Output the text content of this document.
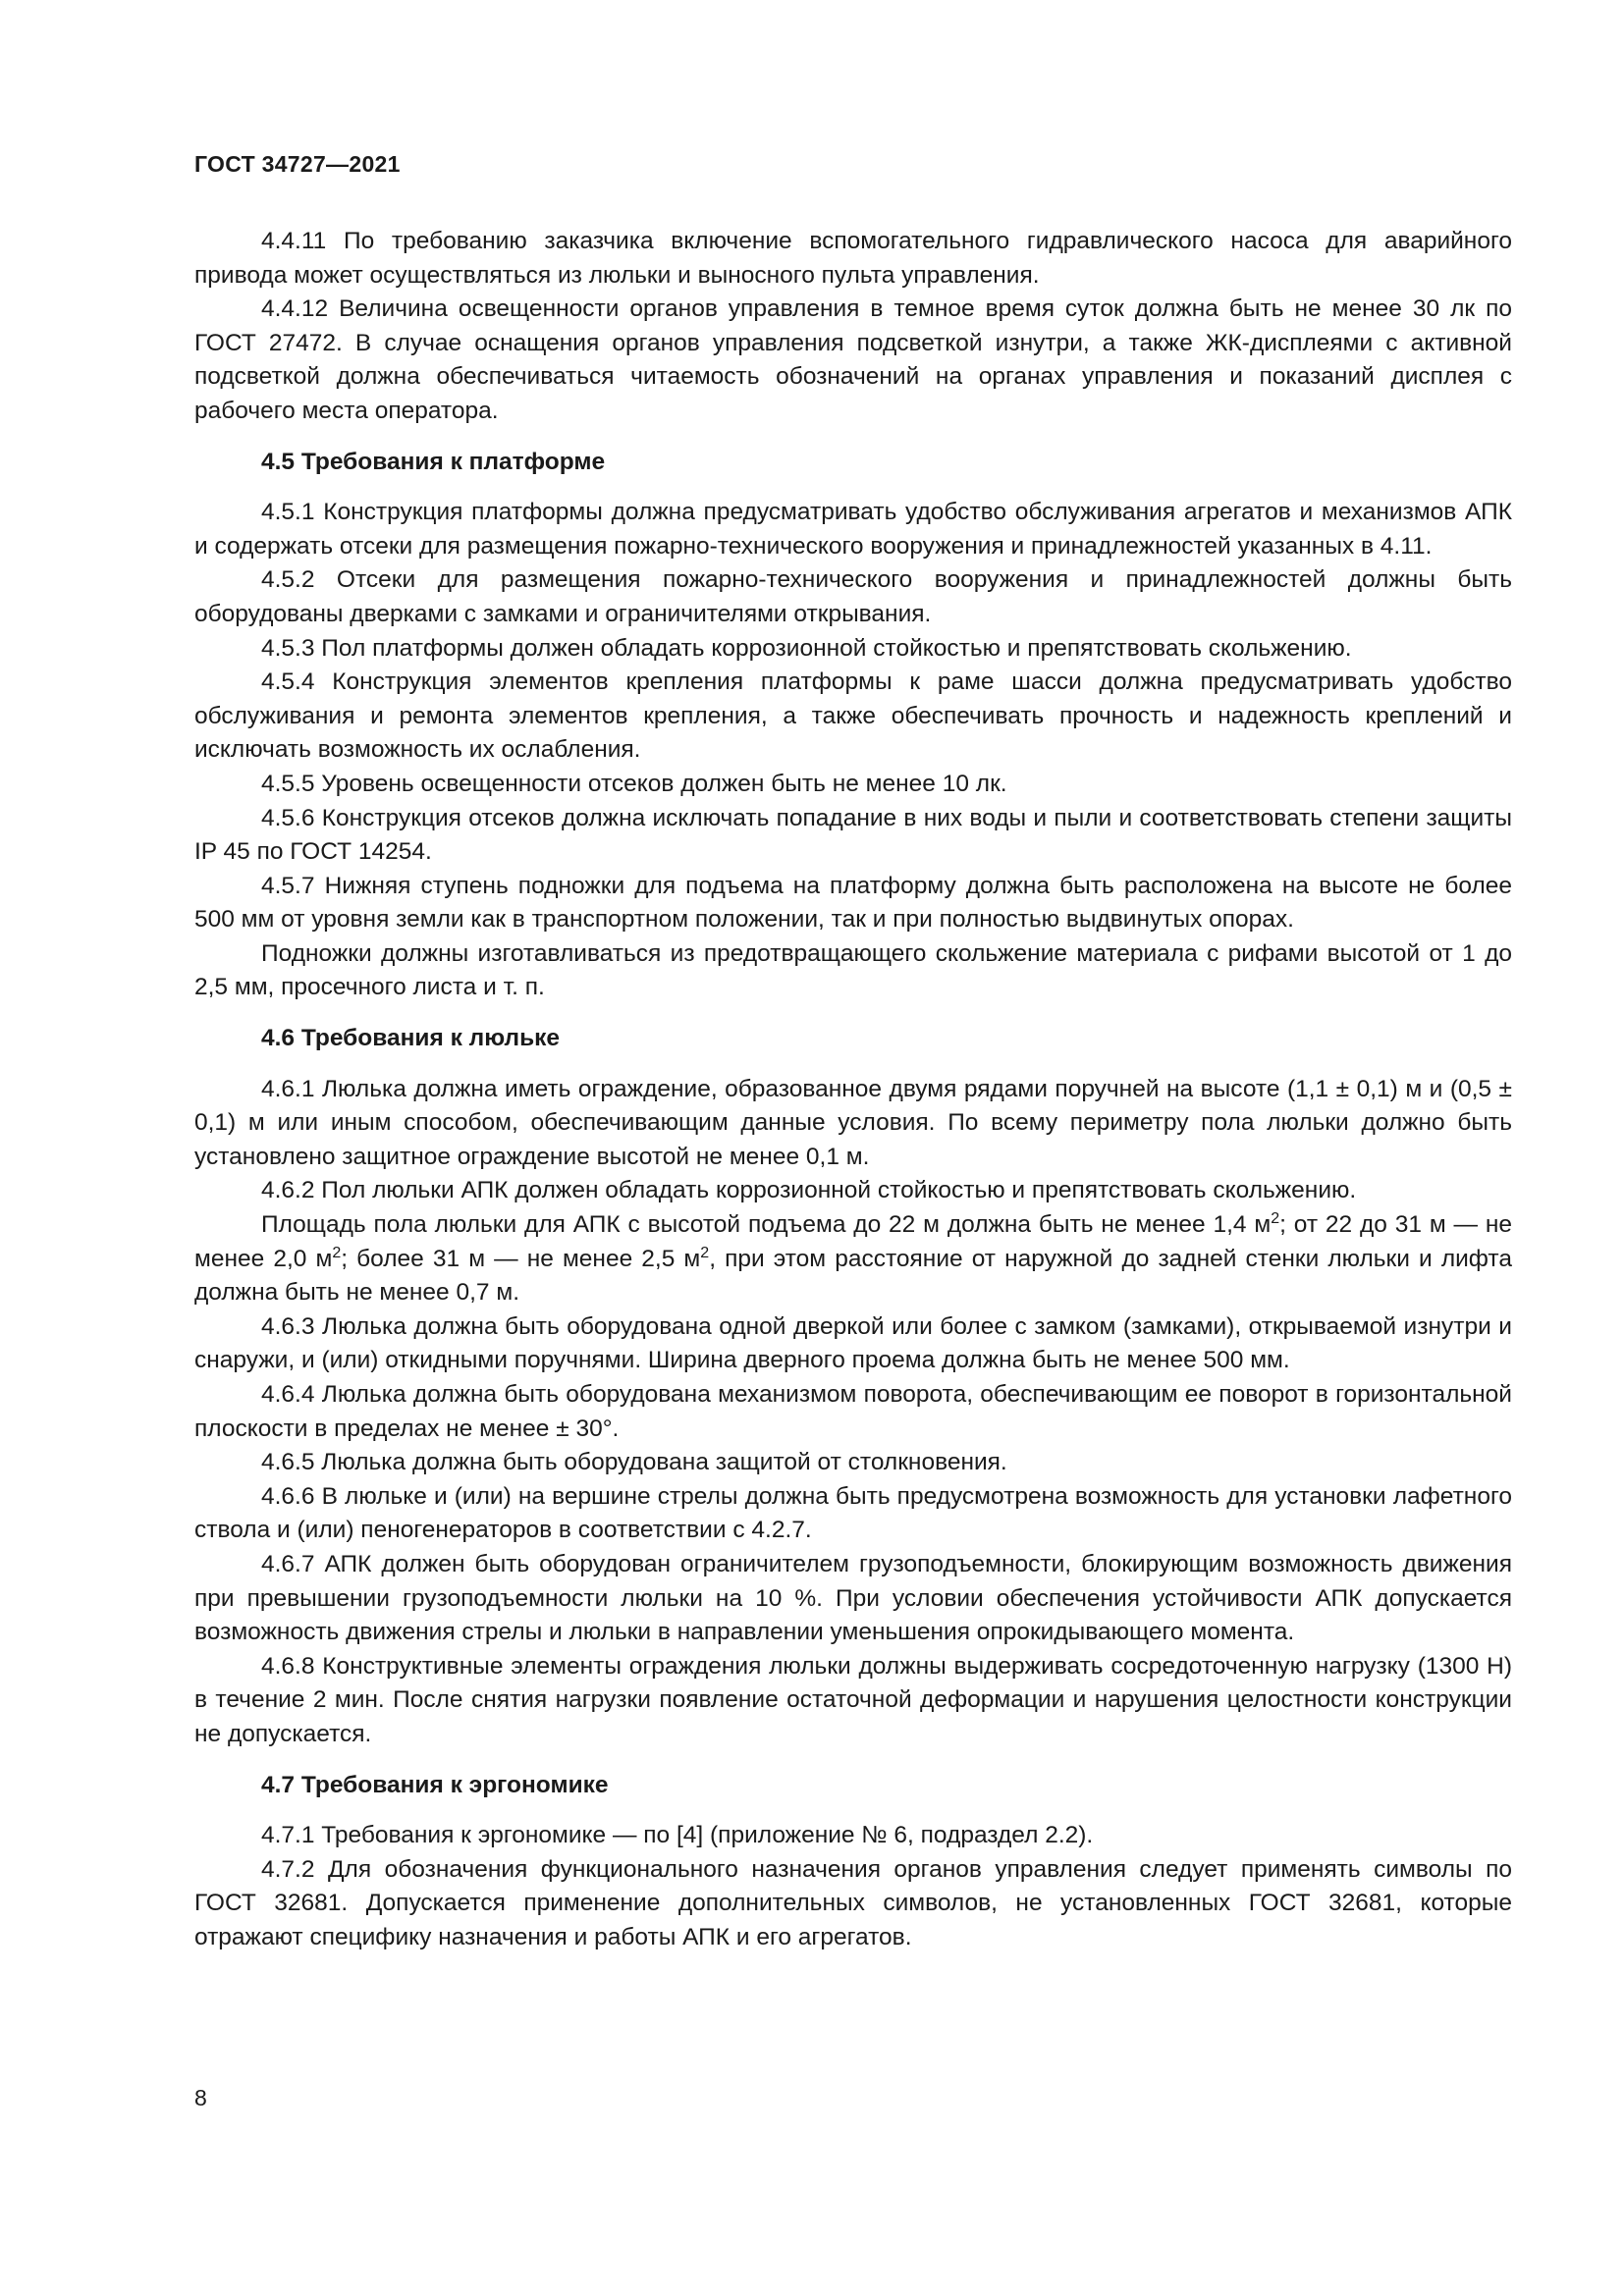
ГОСТ 34727—2021

4.4.11 По требованию заказчика включение вспомогательного гидравлического насоса для аварийного привода может осуществляться из люльки и выносного пульта управления.

4.4.12 Величина освещенности органов управления в темное время суток должна быть не менее 30 лк по ГОСТ 27472. В случае оснащения органов управления подсветкой изнутри, а также ЖК-дисплеями с активной подсветкой должна обеспечиваться читаемость обозначений на органах управления и показаний дисплея с рабочего места оператора.

4.5 Требования к платформе

4.5.1 Конструкция платформы должна предусматривать удобство обслуживания агрегатов и механизмов АПК и содержать отсеки для размещения пожарно-технического вооружения и принадлежностей указанных в 4.11.

4.5.2 Отсеки для размещения пожарно-технического вооружения и принадлежностей должны быть оборудованы дверками с замками и ограничителями открывания.

4.5.3 Пол платформы должен обладать коррозионной стойкостью и препятствовать скольжению.

4.5.4 Конструкция элементов крепления платформы к раме шасси должна предусматривать удобство обслуживания и ремонта элементов крепления, а также обеспечивать прочность и надежность креплений и исключать возможность их ослабления.

4.5.5 Уровень освещенности отсеков должен быть не менее 10 лк.

4.5.6 Конструкция отсеков должна исключать попадание в них воды и пыли и соответствовать степени защиты IP 45 по ГОСТ 14254.

4.5.7 Нижняя ступень подножки для подъема на платформу должна быть расположена на высоте не более 500 мм от уровня земли как в транспортном положении, так и при полностью выдвинутых опорах.

Подножки должны изготавливаться из предотвращающего скольжение материала с рифами высотой от 1 до 2,5 мм, просечного листа и т. п.

4.6 Требования к люльке

4.6.1 Люлька должна иметь ограждение, образованное двумя рядами поручней на высоте (1,1 ± 0,1) м и (0,5 ± 0,1) м или иным способом, обеспечивающим данные условия. По всему периметру пола люльки должно быть установлено защитное ограждение высотой не менее 0,1 м.

4.6.2 Пол люльки АПК должен обладать коррозионной стойкостью и препятствовать скольжению.

Площадь пола люльки для АПК с высотой подъема до 22 м должна быть не менее 1,4 $м^2$; от 22 до 31 м — не менее 2,0 $м^2$; более 31 м — не менее 2,5 $м^2$, при этом расстояние от наружной до задней стенки люльки и лифта должна быть не менее 0,7 м.

4.6.3 Люлька должна быть оборудована одной дверкой или более с замком (замками), открываемой изнутри и снаружи, и (или) откидными поручнями. Ширина дверного проема должна быть не менее 500 мм.

4.6.4 Люлька должна быть оборудована механизмом поворота, обеспечивающим ее поворот в горизонтальной плоскости в пределах не менее ± 30°.

4.6.5 Люлька должна быть оборудована защитой от столкновения.

4.6.6 В люльке и (или) на вершине стрелы должна быть предусмотрена возможность для установки лафетного ствола и (или) пеногенераторов в соответствии с 4.2.7.

4.6.7 АПК должен быть оборудован ограничителем грузоподъемности, блокирующим возможность движения при превышении грузоподъемности люльки на 10 %. При условии обеспечения устойчивости АПК допускается возможность движения стрелы и люльки в направлении уменьшения опрокидывающего момента.

4.6.8 Конструктивные элементы ограждения люльки должны выдерживать сосредоточенную нагрузку (1300 Н) в течение 2 мин. После снятия нагрузки появление остаточной деформации и нарушения целостности конструкции не допускается.

4.7 Требования к эргономике

4.7.1 Требования к эргономике — по [4] (приложение № 6, подраздел 2.2).

4.7.2 Для обозначения функционального назначения органов управления следует применять символы по ГОСТ 32681. Допускается применение дополнительных символов, не установленных ГОСТ 32681, которые отражают специфику назначения и работы АПК и его агрегатов.

8
